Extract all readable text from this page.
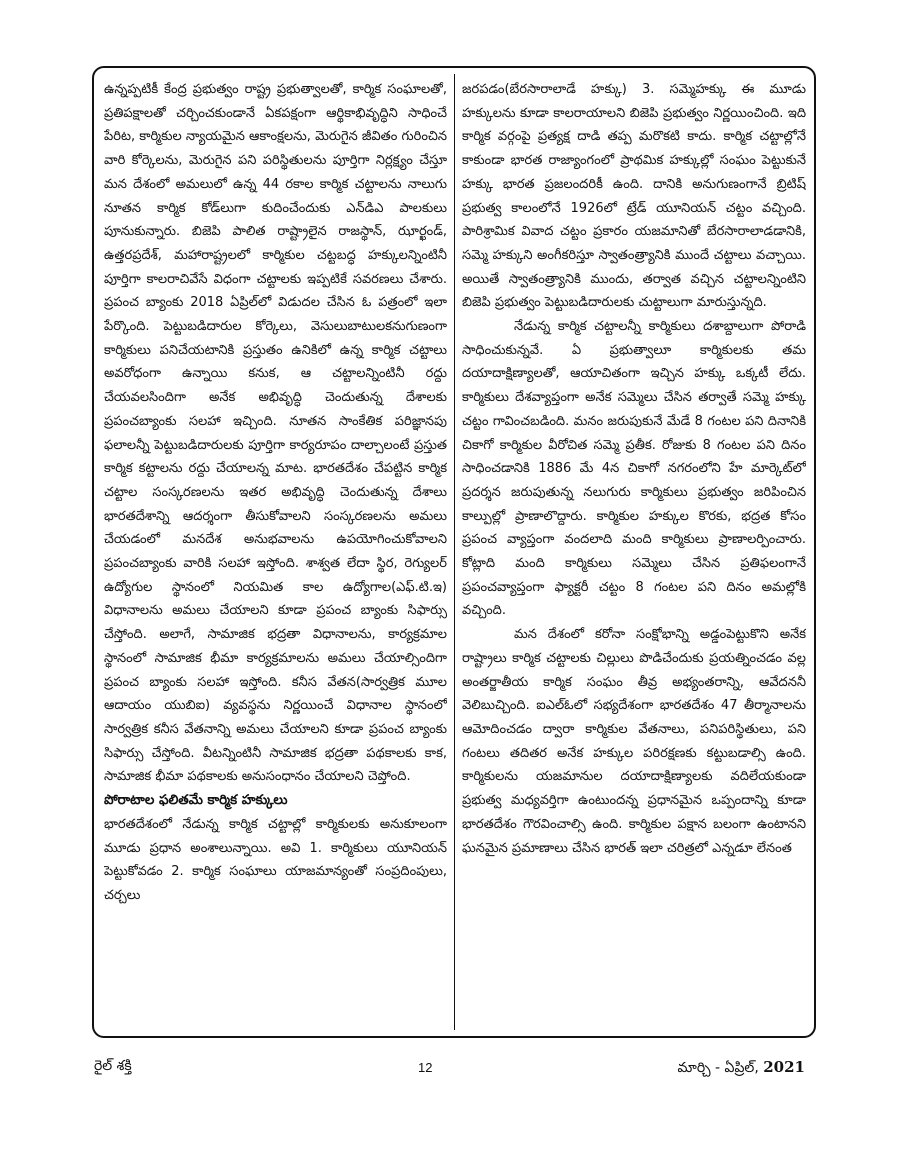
ఉన్నప్పటికీ కేంద్ర ప్రభుత్వం రాష్ట్ర ప్రభుత్వాలతో, కార్మిక సంఘాలతో, ప్రతిపక్షాలతో చర్చించకుండానే ఏకపక్షంగా ఆర్థికాభివృద్ధిని సాధించే పేరిట, కార్మికుల న్యాయమైన ఆకాంక్షలను, మెరుగైన జీవితం గురించిన వారి కోర్కెలను, మెరుగైన పని పరిస్థితులను పూర్తిగా నిర్లక్ష్యం చేస్తూ మన దేశంలో అమలులో ఉన్న 44 రకాల కార్మిక చట్టాలను నాలుగు నూతన కార్మిక కోడ్‌లుగా కుదించేందుకు ఎన్‌డిఎ పాలకులు పూనుకున్నారు. బిజెపి పాలిత రాష్ట్రాలైన రాజస్థాన్, ఝార్ఖండ్, ఉత్తరప్రదేశ్, మహారాష్ట్రలలో కార్మికుల చట్టబద్ధ హక్కులన్నింటినీ పూర్తిగా కాలరాచివేసే విధంగా చట్టాలకు ఇప్పటికే సవరణలు చేశారు. ప్రపంచ బ్యాంకు 2018 ఏప్రిల్‌లో విడుదల చేసిన ఓ పత్రంలో ఇలా పేర్కొంది. పెట్టుబడిదారుల కోర్కెలు, వెసులుబాటులకనుగుణంగా కార్మికులు పనిచేయటానికి ప్రస్తుతం ఉనికిలో ఉన్న కార్మిక చట్టాలు అవరోధంగా ఉన్నాయి కనుక, ఆ చట్టాలన్నింటినీ రద్దు చేయవలసిందిగా అనేక అభివృద్ధి చెందుతున్న దేశాలకు ప్రపంచబ్యాంకు సలహా ఇచ్చింది. నూతన సాంకేతిక పరిజ్ఞానపు ఫలాలన్నీ పెట్టుబడిదారులకు పూర్తిగా కార్యరూపం దాల్చాలంటే ప్రస్తుత కార్మిక కట్టాలను రద్దు చేయాలన్న మాట. భారతదేశం చేపట్టిన కార్మిక చట్టాల సంస్కరణలను ఇతర అభివృద్ధి చెందుతున్న దేశాలు భారతదేశాన్ని ఆదర్శంగా తీసుకోవాలని సంస్కరణలను అమలు చేయడంలో మనదేశ అనుభవాలను ఉపయోగించుకోవాలని ప్రపంచబ్యాంకు వారికి సలహా ఇస్తోంది. శాశ్వత లేదా స్థిర, రెగ్యులర్ ఉద్యోగుల స్థానంలో నియమిత కాల ఉద్యోగాల(ఎఫ్.టి.ఇ) విధానాలను అమలు చేయాలని కూడా ప్రపంచ బ్యాంకు సిఫార్సు చేస్తోంది. అలాగే, సామాజిక భద్రతా విధానాలను, కార్యక్రమాల స్థానంలో సామాజిక భీమా కార్యక్రమాలను అమలు చేయాల్సిందిగా ప్రపంచ బ్యాంకు సలహా ఇస్తోంది. కనీస వేతన(సార్వత్రిక మూల ఆదాయం యుబిఐ) వ్యవస్థను నిర్ణయించే విధానాల స్థానంలో సార్వత్రిక కనీస వేతనాన్ని అమలు చేయాలని కూడా ప్రపంచ బ్యాంకు సిఫార్సు చేస్తోంది. వీటన్నింటినీ సామాజిక భద్రతా పథకాలకు కాక, సామాజిక భీమా పథకాలకు అనుసంధానం చేయాలని చెప్తోంది.

పోరాటాల ఫలితమే కార్మిక హక్కులు

భారతదేశంలో నేడున్న కార్మిక చట్టాల్లో కార్మికులకు అనుకూలంగా మూడు ప్రధాన అంశాలున్నాయి. అవి 1. కార్మికులు యూనియన్ పెట్టుకోవడం 2. కార్మిక సంఘాలు యాజమాన్యంతో సంప్రదింపులు, చర్చలు

జరపడం(బేరసారాలాడే హక్కు) 3. సమ్మెహక్కు ఈ మూడు హక్కులను కూడా కాలరాయాలని బిజెపి ప్రభుత్వం నిర్ణయించింది. ఇది కార్మిక వర్గంపై ప్రత్యక్ష దాడి తప్ప మరొకటి కాదు. కార్మిక చట్టాల్లోనే కాకుండా భారత రాజ్యాంగంలో ప్రాథమిక హక్కుల్లో సంఘం పెట్టుకునే హక్కు భారత ప్రజలందరికీ ఉంది. దానికి అనుగుణంగానే బ్రిటిష్ ప్రభుత్వ కాలంలోనే 1926లో ట్రేడ్ యూనియన్ చట్టం వచ్చింది. పారిశ్రామిక వివాద చట్టం ప్రకారం యజమానితో బేరసారాలాడడానికి, సమ్మె హక్కుని అంగీకరిస్తూ స్వాతంత్ర్యానికి ముందే చట్టాలు వచ్చాయి. అయితే స్వాతంత్ర్యానికి ముందు, తర్వాత వచ్చిన చట్టాలన్నింటిని బిజెపి ప్రభుత్వం పెట్టుబడిదారులకు చుట్టాలుగా మారుస్తున్నది.

నేడున్న కార్మిక చట్టాలన్నీ కార్మికులు దశాబ్దాలుగా పోరాడి సాధించుకున్నవే. ఏ ప్రభుత్వాలూ కార్మికులకు తమ దయాదాక్షిణ్యాలతో, ఆయాచితంగా ఇచ్చిన హక్కు ఒక్కటీ లేదు. కార్మికులు దేశవ్యాప్తంగా అనేక సమ్మెలు చేసిన తర్వాతే సమ్మె హక్కు చట్టం గావించబడింది. మనం జరుపుకునే మేడే 8 గంటల పని దినానికి చికాగో కార్మికుల వీరోచిత సమ్మె ప్రతీక. రోజుకు 8 గంటల పని దినం సాధించడానికి 1886 మే 4న చికాగో నగరంలోని హే మార్కెట్‌లో ప్రదర్శన జరుపుతున్న నలుగురు కార్మికులు ప్రభుత్వం జరిపించిన కాల్పుల్లో ప్రాణాలొద్దారు. కార్మికుల హక్కుల కొరకు, భద్రత కోసం ప్రపంచ వ్యాప్తంగా వందలాది మంది కార్మికులు ప్రాణాలర్పించారు. కోట్లాది మంది కార్మికులు సమ్మెలు చేసిన ప్రతిఫలంగానే ప్రపంచవ్యాప్తంగా ఫ్యాక్టరీ చట్టం 8 గంటల పని దినం అమల్లోకి వచ్చింది.

మన దేశంలో కరోనా సంక్షోభాన్ని అడ్డంపెట్టుకొని అనేక రాష్ట్రాలు కార్మిక చట్టాలకు చిల్లులు పొడిచేందుకు ప్రయత్నించడం వల్ల అంతర్జాతీయ కార్మిక సంఘం తీవ్ర అభ్యంతరాన్ని, ఆవేదననీ వెలిబుచ్చింది. ఐఎల్‌ఓలో సభ్యదేశంగా భారతదేశం 47 తీర్మానాలను ఆమోదించడం ద్వారా కార్మికుల వేతనాలు, పనిపరిస్థితులు, పని గంటలు తదితర అనేక హక్కుల పరిరక్షణకు కట్టుబడాల్సి ఉంది. కార్మికులను యజమానుల దయాదాక్షిణ్యాలకు వదిలేయకుండా ప్రభుత్వ మధ్యవర్తిగా ఉంటుందన్న ప్రధానమైన ఒప్పందాన్ని కూడా భారతదేశం గౌరవించాల్సి ఉంది. కార్మికుల పక్షాన బలంగా ఉంటానని ఘనమైన ప్రమాణాలు చేసిన భారత్ ఇలా చరిత్రలో ఎన్నడూ లేనంత

రైల్ శక్తి	12	మార్చి - ఏప్రిల్, 2021
